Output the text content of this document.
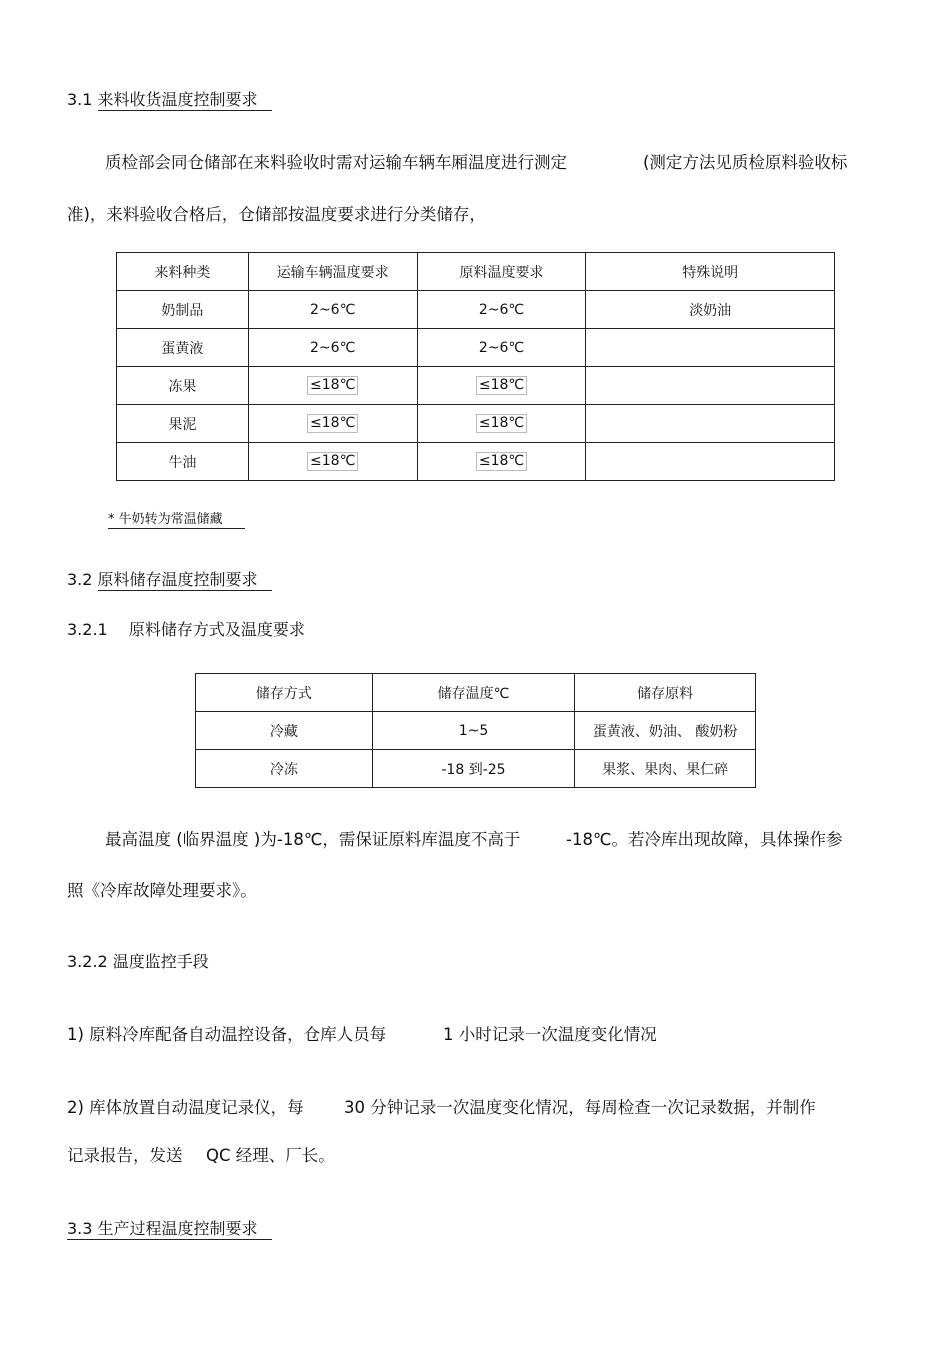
3.1 来料收货温度控制要求
质检部会同仓储部在来料验收时需对运输车辆车厢温度进行测定	(测定方法见质检原料验收标
准)，来料验收合格后，仓储部按温度要求进行分类储存，
来料种类	运输车辆温度要求	原料温度要求	特殊说明
奶制品	2~6℃	2~6℃	淡奶油
蛋黄液	2~6℃	2~6℃	
冻果	≤18℃	≤18℃	
果泥	≤18℃	≤18℃	
牛油	≤18℃	≤18℃	
* 牛奶转为常温储藏
3.2 原料储存温度控制要求
3.2.1 原料储存方式及温度要求
储存方式	储存温度℃	储存原料
冷藏	1~5	蛋黄液、奶油、 酸奶粉
冷冻	-18 到-25	果浆、果肉、果仁碎
最高温度 (临界温度 )为-18℃，需保证原料库温度不高于	-18℃。若冷库出现故障，具体操作参
照《冷库故障处理要求》。
3.2.2 温度监控手段
1) 原料冷库配备自动温控设备，仓库人员每	1 小时记录一次温度变化情况
2) 库体放置自动温度记录仪，每 30 分钟记录一次温度变化情况，每周检查一次记录数据，并制作
记录报告，发送 QC 经理、厂长。
3.3 生产过程温度控制要求
